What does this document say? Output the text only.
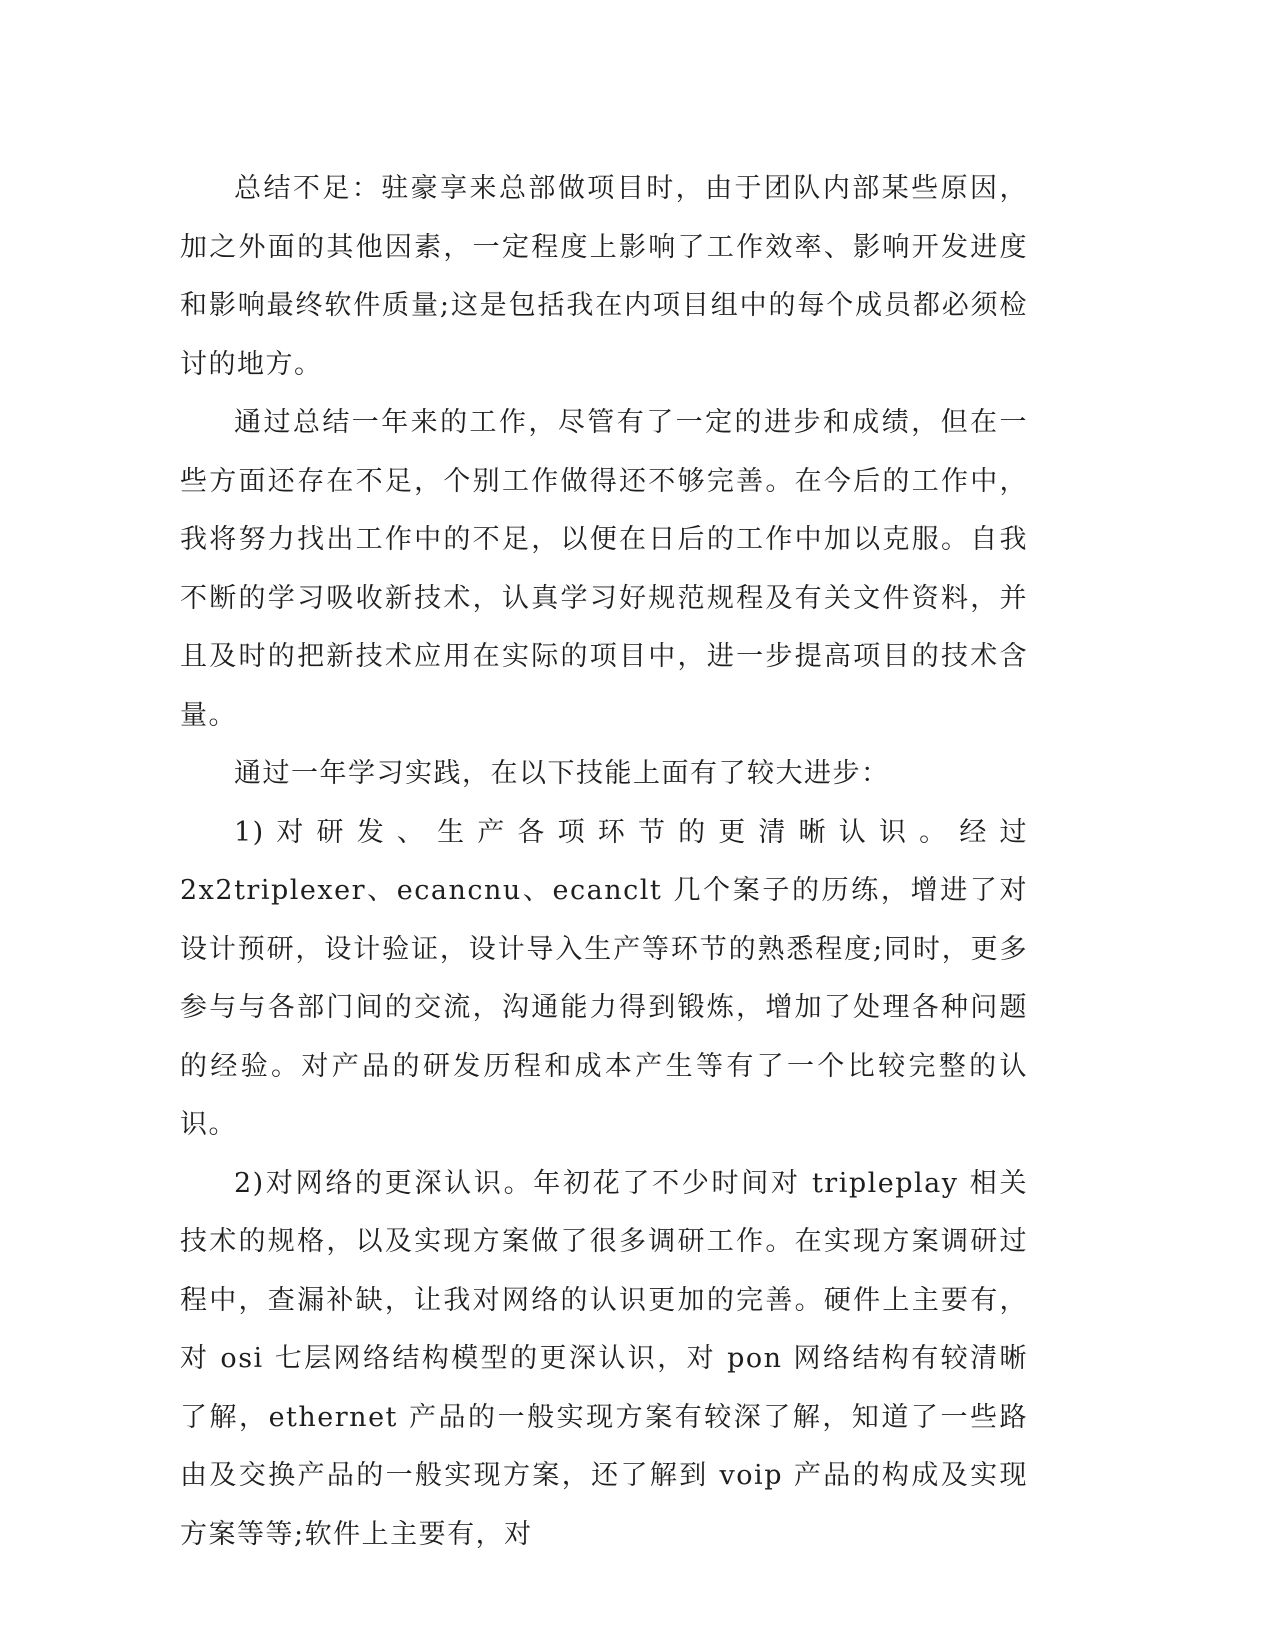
总结不足：驻豪享来总部做项目时，由于团队内部某些原因，加之外面的其他因素，一定程度上影响了工作效率、影响开发进度和影响最终软件质量;这是包括我在内项目组中的每个成员都必须检讨的地方。

通过总结一年来的工作，尽管有了一定的进步和成绩，但在一些方面还存在不足，个别工作做得还不够完善。在今后的工作中，我将努力找出工作中的不足，以便在日后的工作中加以克服。自我不断的学习吸收新技术，认真学习好规范规程及有关文件资料，并且及时的把新技术应用在实际的项目中，进一步提高项目的技术含量。

通过一年学习实践，在以下技能上面有了较大进步：

1)对研发、生产各项环节的更清晰认识。经过 2x2triplexer、ecancnu、ecanclt 几个案子的历练，增进了对设计预研，设计验证，设计导入生产等环节的熟悉程度;同时，更多参与与各部门间的交流，沟通能力得到锻炼，增加了处理各种问题的经验。对产品的研发历程和成本产生等有了一个比较完整的认识。

2)对网络的更深认识。年初花了不少时间对 tripleplay 相关技术的规格，以及实现方案做了很多调研工作。在实现方案调研过程中，查漏补缺，让我对网络的认识更加的完善。硬件上主要有，对 osi 七层网络结构模型的更深认识，对 pon 网络结构有较清晰了解，ethernet 产品的一般实现方案有较深了解，知道了一些路由及交换产品的一般实现方案，还了解到 voip 产品的构成及实现方案等等;软件上主要有，对
